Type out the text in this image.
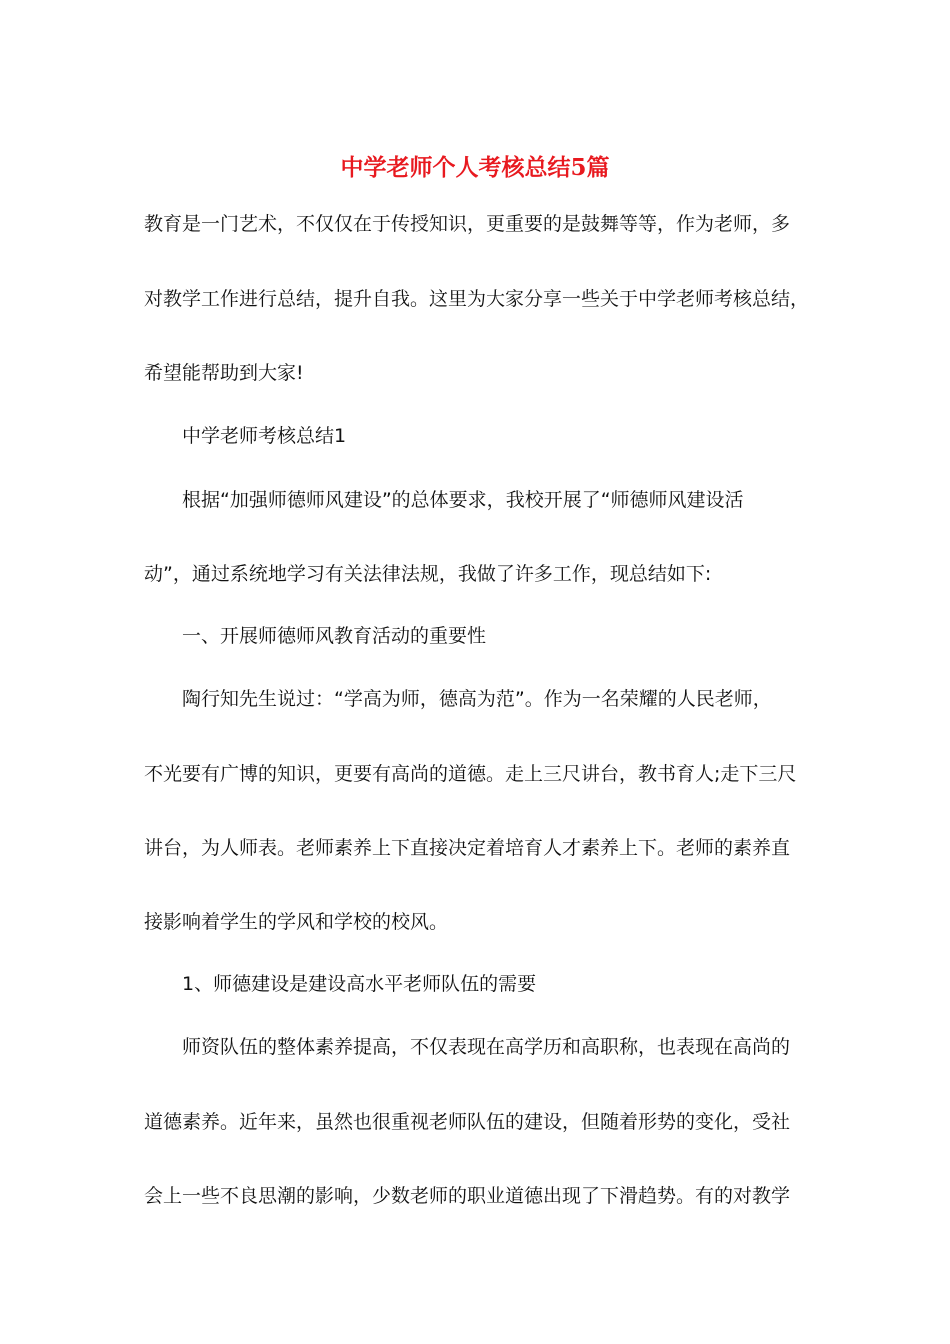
中学老师个人考核总结5篇
教育是一门艺术，不仅仅在于传授知识，更重要的是鼓舞等等，作为老师，多
对教学工作进行总结，提升自我。这里为大家分享一些关于中学老师考核总结，
希望能帮助到大家!
中学老师考核总结1
根据“加强师德师风建设”的总体要求，我校开展了“师德师风建设活
动”，通过系统地学习有关法律法规，我做了许多工作，现总结如下:
一、开展师德师风教育活动的重要性
陶行知先生说过：“学高为师，德高为范”。作为一名荣耀的人民老师，
不光要有广博的知识，更要有高尚的道德。走上三尺讲台，教书育人;走下三尺
讲台，为人师表。老师素养上下直接决定着培育人才素养上下。老师的素养直
接影响着学生的学风和学校的校风。
1、师德建设是建设高水平老师队伍的需要
师资队伍的整体素养提高，不仅表现在高学历和高职称，也表现在高尚的
道德素养。近年来，虽然也很重视老师队伍的建设，但随着形势的变化，受社
会上一些不良思潮的影响，少数老师的职业道德出现了下滑趋势。有的对教学
